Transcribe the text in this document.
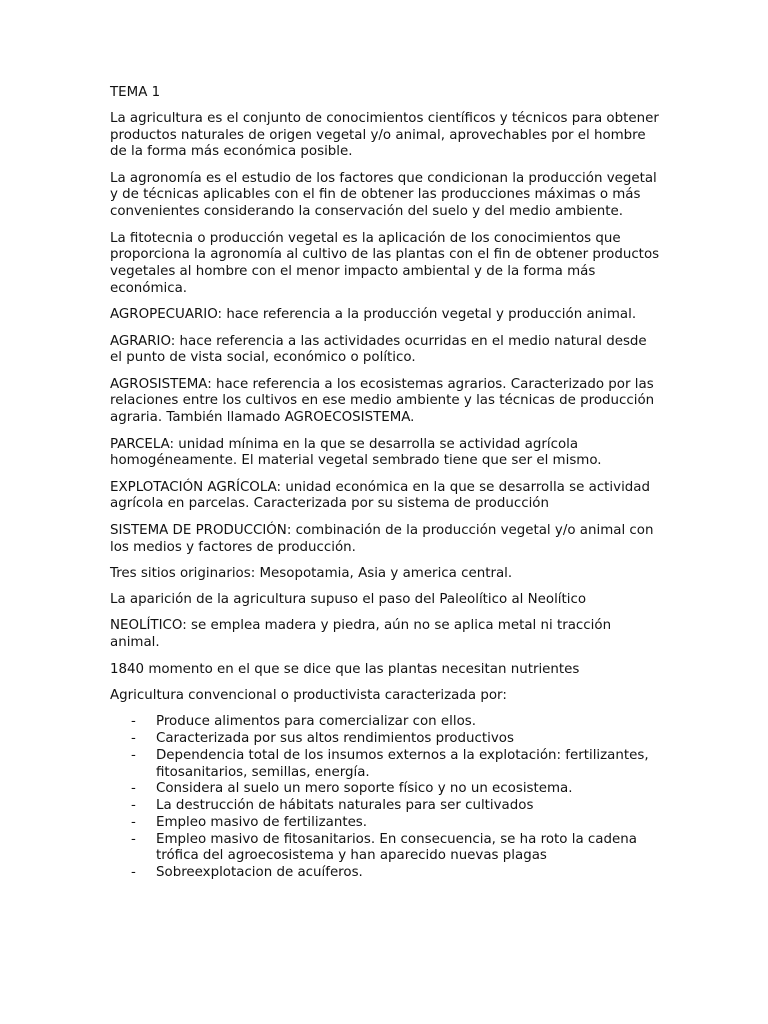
TEMA 1

La agricultura es el conjunto de conocimientos científicos y técnicos para obtener productos naturales de origen vegetal y/o animal, aprovechables por el hombre de la forma más económica posible.

La agronomía es el estudio de los factores que condicionan la producción vegetal y de técnicas aplicables con el fin de obtener las producciones máximas o más convenientes considerando la conservación del suelo y del medio ambiente.

La fitotecnia o producción vegetal es la aplicación de los conocimientos que proporciona la agronomía al cultivo de las plantas con el fin de obtener productos vegetales al hombre con el menor impacto ambiental y de la forma más económica.

AGROPECUARIO: hace referencia a la producción vegetal y producción animal.

AGRARIO: hace referencia a las actividades ocurridas en el medio natural desde el punto de vista social, económico o político.

AGROSISTEMA: hace referencia a los ecosistemas agrarios. Caracterizado por las relaciones entre los cultivos en ese medio ambiente y las técnicas de producción agraria. También llamado AGROECOSISTEMA.

PARCELA: unidad mínima en la que se desarrolla se actividad agrícola homogéneamente. El material vegetal sembrado tiene que ser el mismo.

EXPLOTACIÓN AGRÍCOLA: unidad económica en la que se desarrolla se actividad agrícola en parcelas. Caracterizada por su sistema de producción

SISTEMA DE PRODUCCIÓN: combinación de la producción vegetal y/o animal con los medios y factores de producción.

Tres sitios originarios: Mesopotamia, Asia y america central.

La aparición de la agricultura supuso el paso del Paleolítico al Neolítico

NEOLÍTICO: se emplea madera y piedra, aún no se aplica metal ni tracción animal.

1840 momento en el que se dice que las plantas necesitan nutrientes

Agricultura convencional o productivista caracterizada por:

- Produce alimentos para comercializar con ellos.
- Caracterizada por sus altos rendimientos productivos
- Dependencia total de los insumos externos a la explotación: fertilizantes, fitosanitarios, semillas, energía.
- Considera al suelo un mero soporte físico y no un ecosistema.
- La destrucción de hábitats naturales para ser cultivados
- Empleo masivo de fertilizantes.
- Empleo masivo de fitosanitarios. En consecuencia, se ha roto la cadena trófica del agroecosistema y han aparecido nuevas plagas
- Sobreexplotacion de acuíferos.
